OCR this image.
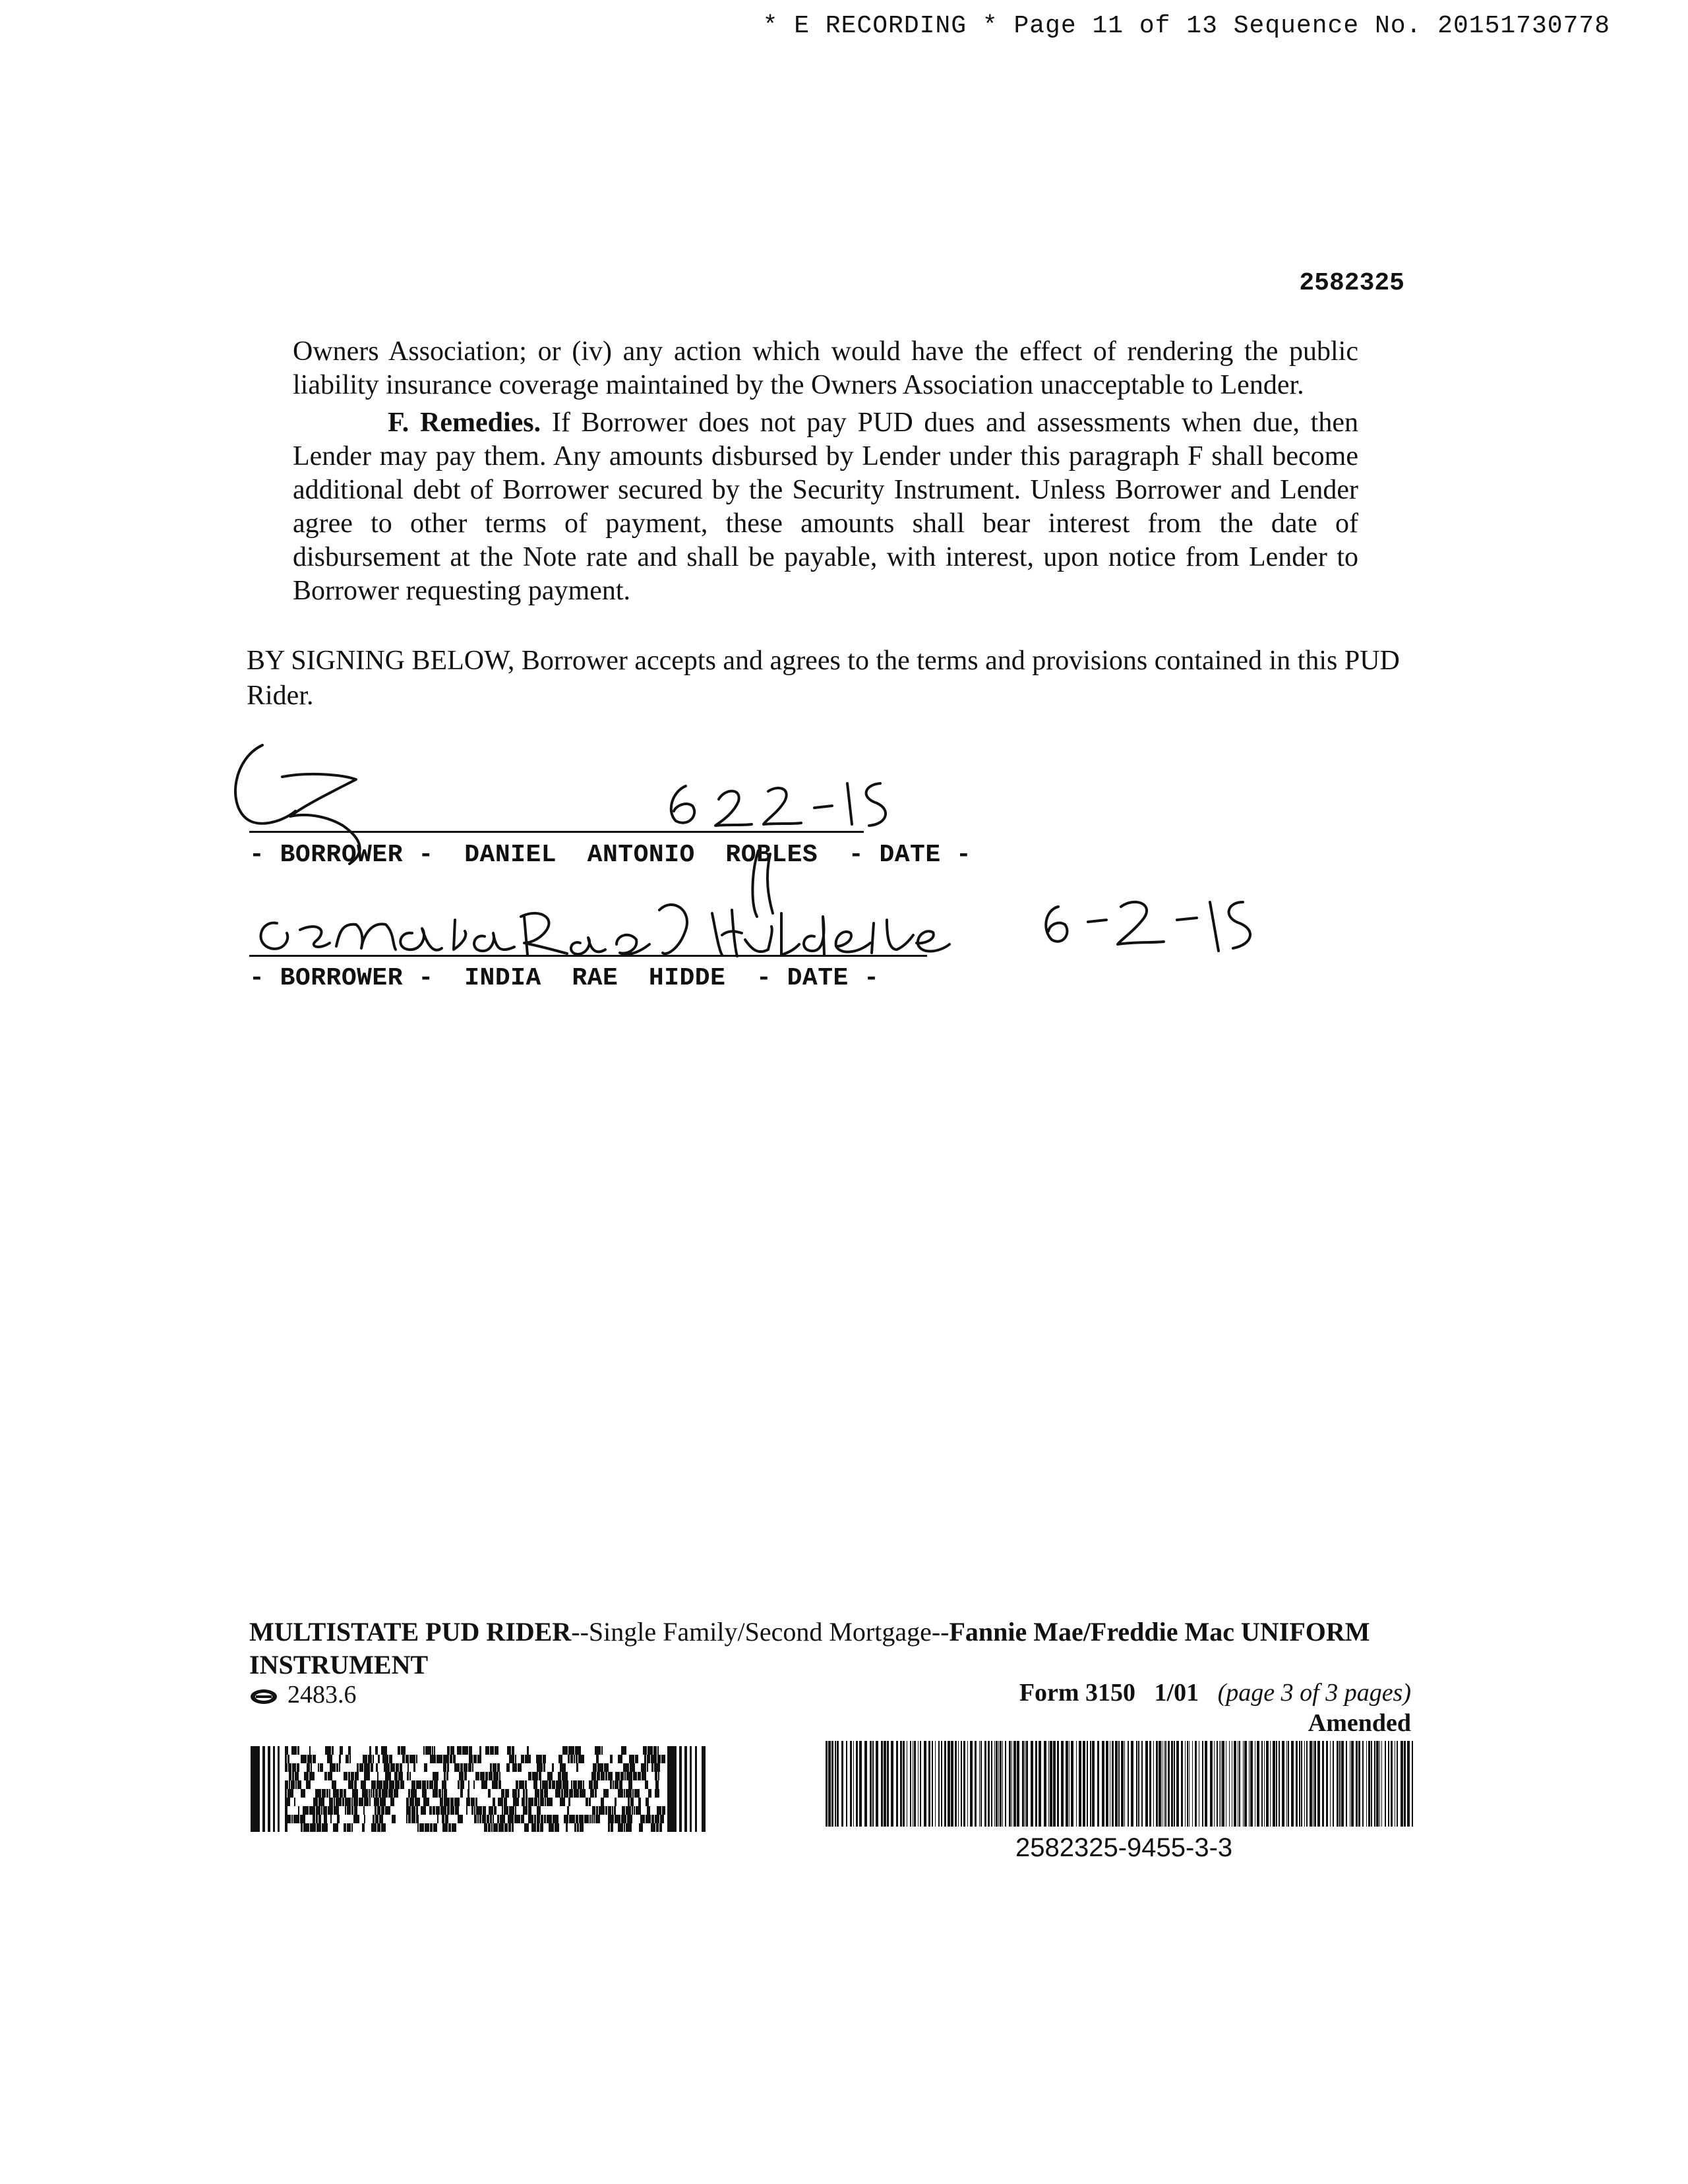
* E RECORDING * Page 11 of 13 Sequence No. 20151730778
2582325

Owners Association; or (iv) any action which would have the effect of rendering the public liability insurance coverage maintained by the Owners Association unacceptable to Lender.

F. Remedies. If Borrower does not pay PUD dues and assessments when due, then Lender may pay them. Any amounts disbursed by Lender under this paragraph F shall become additional debt of Borrower secured by the Security Instrument. Unless Borrower and Lender agree to other terms of payment, these amounts shall bear interest from the date of disbursement at the Note rate and shall be payable, with interest, upon notice from Lender to Borrower requesting payment.

BY SIGNING BELOW, Borrower accepts and agrees to the terms and provisions contained in this PUD Rider.

- BORROWER -  DANIEL  ANTONIO  ROBLES  - DATE -
- BORROWER -  INDIA  RAE  HIDDE  - DATE -

MULTISTATE PUD RIDER--Single Family/Second Mortgage--Fannie Mae/Freddie Mac UNIFORM INSTRUMENT

2483.6	Form 3150 1/01 (page 3 of 3 pages)
Amended
2582325-9455-3-3
